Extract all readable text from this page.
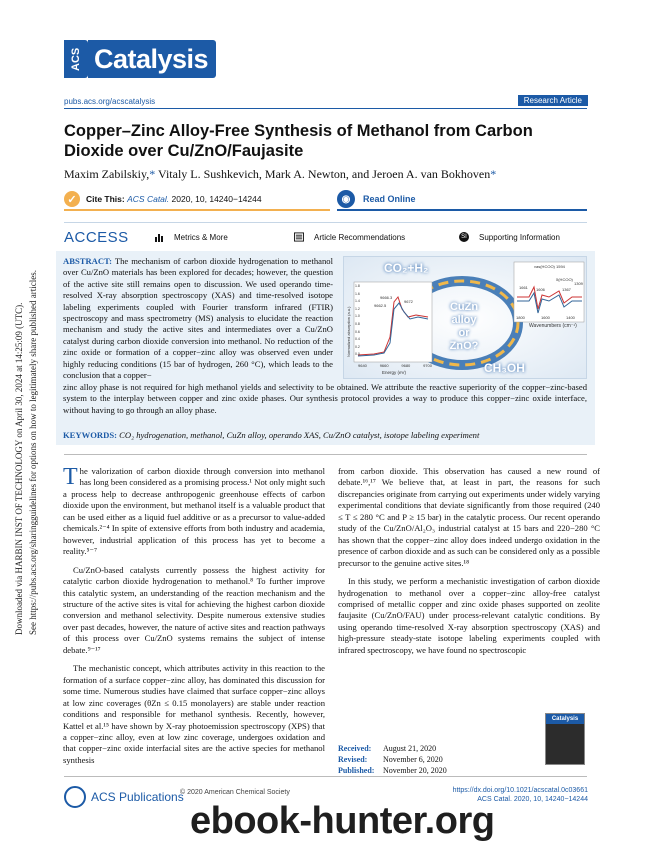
Downloaded via HARBIN INST OF TECHNOLOGY on April 30, 2024 at 14:25:09 (UTC). See https://pubs.acs.org/sharingguidelines for options on how to legitimately share published articles.
ACS Catalysis
pubs.acs.org/acscatalysis	Research Article
Copper–Zinc Alloy-Free Synthesis of Methanol from Carbon Dioxide over Cu/ZnO/Faujasite
Maxim Zabilskiy,* Vitaly L. Sushkevich, Mark A. Newton, and Jeroen A. van Bokhoven*
✓	Cite This: ACS Catal. 2020, 10, 14240−14244	◉	Read Online
ACCESS	Metrics & More	Article Recommendations	SI Supporting Information
ABSTRACT: The mechanism of carbon dioxide hydrogenation to methanol over Cu/ZnO materials has been explored for decades; however, the question of the active site still remains open to discussion. We used operando time-resolved X-ray absorption spectroscopy (XAS) and time-resolved isotope labeling experiments coupled with Fourier transform infrared (FTIR) spectroscopy and mass spectrometry (MS) analysis to elucidate the reaction mechanism and study the active sites and intermediates over a Cu/ZnO catalyst during carbon dioxide conversion into methanol. No reduction of the zinc oxide or formation of a copper−zinc alloy was observed even under highly reducing conditions (15 bar of hydrogen, 260 °C), which leads to the conclusion that a copper−
CO₂+H₂
CH₃OH
CuZn alloy
or
ZnO?
νas(HCOO) 1594
δ(HCOO)
1661 1606	1367
1309
1800	1600	1400
Wavenumbers (cm⁻¹)
9666.3
9662.5
9672
1.8
1.6
1.4
1.2
1.0
0.8
0.6
0.4
0.2
0.0
Normalized absorption (a.u.)
9640	9660	9680	9700
Energy (eV)
zinc alloy phase is not required for high methanol yields and selectivity to be obtained. We attribute the reactive superiority of the copper−zinc-based system to the interplay between copper and zinc oxide phases. Our synthesis protocol provides a way to produce this copper−zinc oxide interface, without having to go through an alloy phase.
KEYWORDS: CO₂ hydrogenation, methanol, CuZn alloy, operando XAS, Cu/ZnO catalyst, isotope labeling experiment

The valorization of carbon dioxide through conversion into methanol has long been considered as a promising process.¹ Not only might such a process help to decrease anthropogenic greenhouse effects of carbon dioxide upon the environment, but methanol itself is a valuable product that can be used either as a liquid fuel additive or as a precursor to value-added chemicals.²⁻⁴ In spite of extensive efforts from both industry and academia, however, industrial application of this process has yet to become a reality.⁵⁻⁷

Cu/ZnO-based catalysts currently possess the highest activity for catalytic carbon dioxide hydrogenation to methanol.⁸ To further improve this catalytic system, an understanding of the reaction mechanism and the structure of the active sites is vital for achieving the highest carbon dioxide conversion and methanol selectivity. Despite numerous extensive studies over past decades, however, the nature of active sites and reaction pathways of this process over Cu/ZnO systems remains the subject of intense debate.⁹⁻¹⁷

The mechanistic concept, which attributes activity in this reaction to the formation of a surface copper−zinc alloy, has dominated this discussion for some time. Numerous studies have claimed that surface copper−zinc alloys at low zinc coverages (θZn ≤ 0.15 monolayers) are stable under reaction conditions and responsible for methanol synthesis. Recently, however, Kattel et al.¹⁵ have shown by X-ray photoemission spectroscopy (XPS) that a copper−zinc alloy, even at low zinc coverage, undergoes oxidation and that copper−zinc oxide interfacial sites are the active species for methanol synthesis

from carbon dioxide. This observation has caused a new round of debate.¹⁶,¹⁷ We believe that, at least in part, the reasons for such discrepancies originate from carrying out experiments under widely varying experimental conditions that deviate significantly from those required (240 ≤ T ≤ 280 °C and P ≥ 15 bar) in the catalytic process. Our recent operando study of the Cu/ZnO/Al₂O₃ industrial catalyst at 15 bars and 220−280 °C has shown that the copper−zinc alloy does indeed undergo oxidation in the presence of carbon dioxide and as such can be considered only as a possible precursor to the genuine active sites.¹⁸

In this study, we perform a mechanistic investigation of carbon dioxide hydrogenation to methanol over a copper−zinc alloy-free catalyst comprised of metallic copper and zinc oxide phases supported on zeolite faujasite (Cu/ZnO/FAU) under process-relevant catalytic conditions. By using operando time-resolved X-ray absorption spectroscopy (XAS) and high-pressure steady-state isotope labeling experiments coupled with infrared spectroscopy, we have found no spectroscopic

Received: August 21, 2020
Revised: November 6, 2020
Published: November 20, 2020
Catalysis
ACS Publications
© 2020 American Chemical Society	https://dx.doi.org/10.1021/acscatal.0c03661
ACS Catal. 2020, 10, 14240−14244
ebook-hunter.org
